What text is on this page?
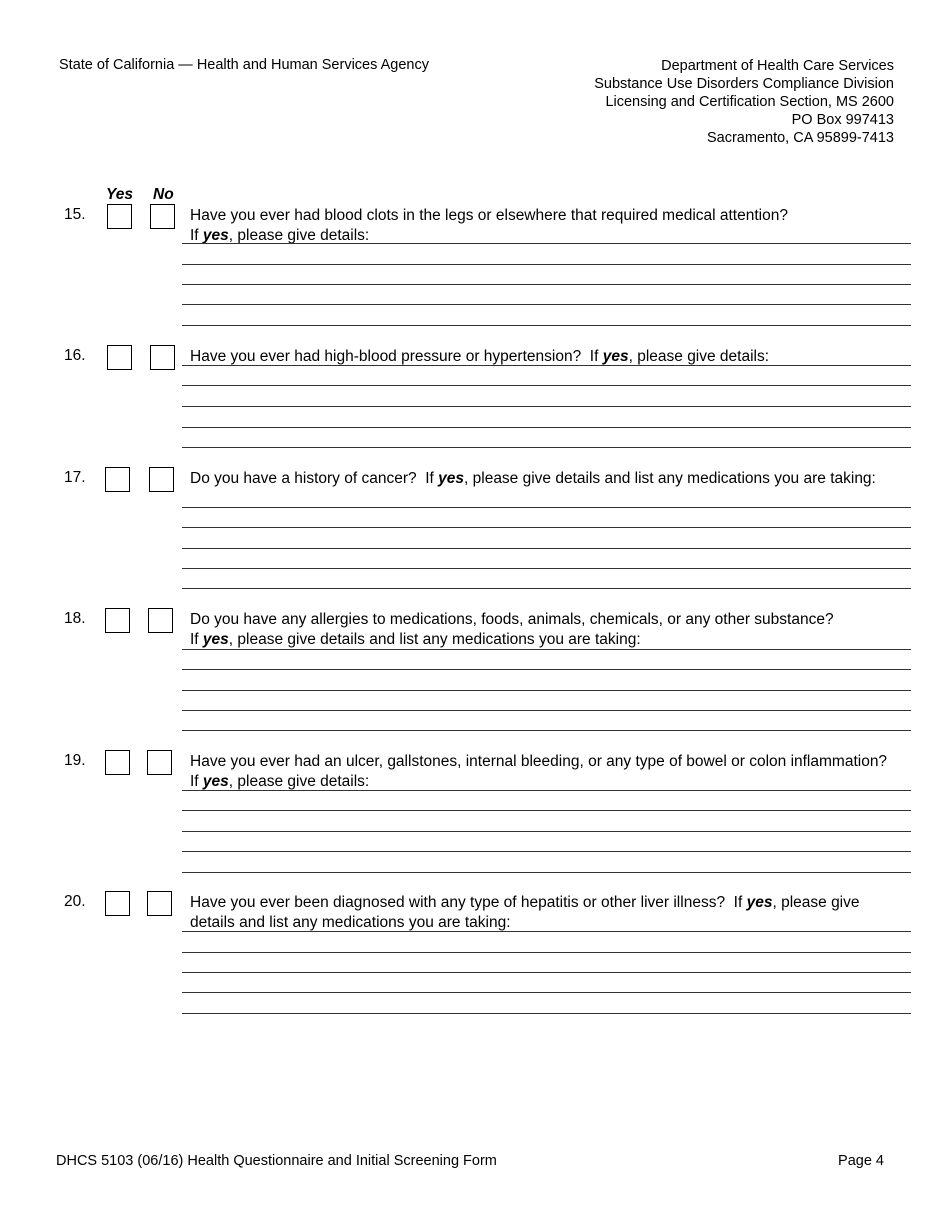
State of California — Health and Human Services Agency	Department of Health Care Services
Substance Use Disorders Compliance Division
Licensing and Certification Section, MS 2600
PO Box 997413
Sacramento, CA 95899-7413
Yes No
15.	Have you ever had blood clots in the legs or elsewhere that required medical attention?
If yes, please give details:
16.	Have you ever had high-blood pressure or hypertension?  If yes, please give details:
17.	Do you have a history of cancer?  If yes, please give details and list any medications you are taking:
18.	Do you have any allergies to medications, foods, animals, chemicals, or any other substance?
If yes, please give details and list any medications you are taking:
19.	Have you ever had an ulcer, gallstones, internal bleeding, or any type of bowel or colon inflammation?  If yes, please give details:
20.	Have you ever been diagnosed with any type of hepatitis or other liver illness?  If yes, please give details and list any medications you are taking:
DHCS 5103 (06/16) Health Questionnaire and Initial Screening Form	Page 4
